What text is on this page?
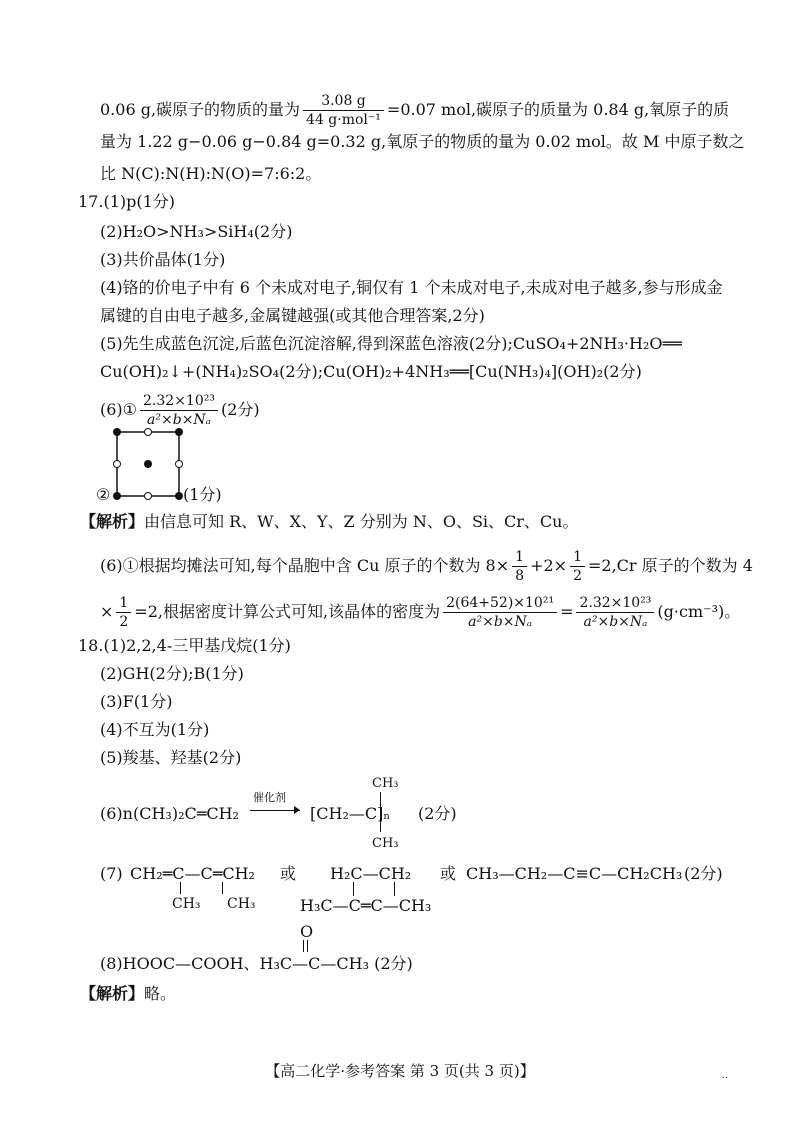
0.06 g,碳原子的物质的量为 $\frac{3.08 g}{\text{44 g·mol⁻¹}} =0.07$ mol,碳原子的质量为 0.84 g,氧原子的质
量为 1.22 g−0.06 g−0.84 g=0.32 g,氧原子的物质的量为 0.02 mol。故 M 中原子数之
比 N(C):N(H):N(O)=7:6:2。
17.(1)p(1分)
(2)H₂O>NH₃>SiH₄(2分)
(3)共价晶体(1分)
(4)铬的价电子中有 6 个未成对电子,铜仅有 1 个未成对电子,未成对电子越多,参与形成金
属键的自由电子越多,金属键越强(或其他合理答案,2分)
(5)先生成蓝色沉淀,后蓝色沉淀溶解,得到深蓝色溶液(2分);CuSO₄+2NH₃·H₂O══
Cu(OH)₂↓+(NH₄)₂SO₄(2分);Cu(OH)₂+4NH₃══[Cu(NH₃)₄](OH)₂(2分)
(6)① $\frac{\text{2.32×10²³}}{\text{a²×b×Nₐ}} (2$分)
②	(1分)
【解析】由信息可知 R、W、X、Y、Z 分别为 N、O、Si、Cr、Cu。
(6)①根据均摊法可知,每个晶胞中含 Cu 原子的个数为 $8\times \frac{1}{8} +2\times \frac{1}{2} =2,Cr$ 原子的个数为 4
× $\frac{1}{2} =2$,根据密度计算公式可知,该晶体的密度为 $\frac{\text{2(64+52)×10²¹}}{\text{a²×b×Nₐ}} = \frac{\text{2.32×10²³}}{\text{a²×b×Nₐ}} (g\cdot cm^{-3})$。
18.(1)2,2,4-三甲基戊烷(1分)
(2)GH(2分);B(1分)
(3)F(1分)
(4)不互为(1分)
(5)羧基、羟基(2分)
CH₃
(6)n(CH₃)₂C═CH₂
催化剂
[CH₂—C]ₙ
CH₃
(2分)
(7) CH₂═C—C═CH₂
CH₃ CH₃
或 H₂C—CH₂
H₃C—C═C—CH₃
或 CH₃—CH₂—C≡C—CH₂CH₃ (2分)
O
(8)HOOC—COOH、H₃C—C—CH₃ (2分)
【解析】略。
【高二化学·参考答案 第 3 页(共 3 页)】	..
